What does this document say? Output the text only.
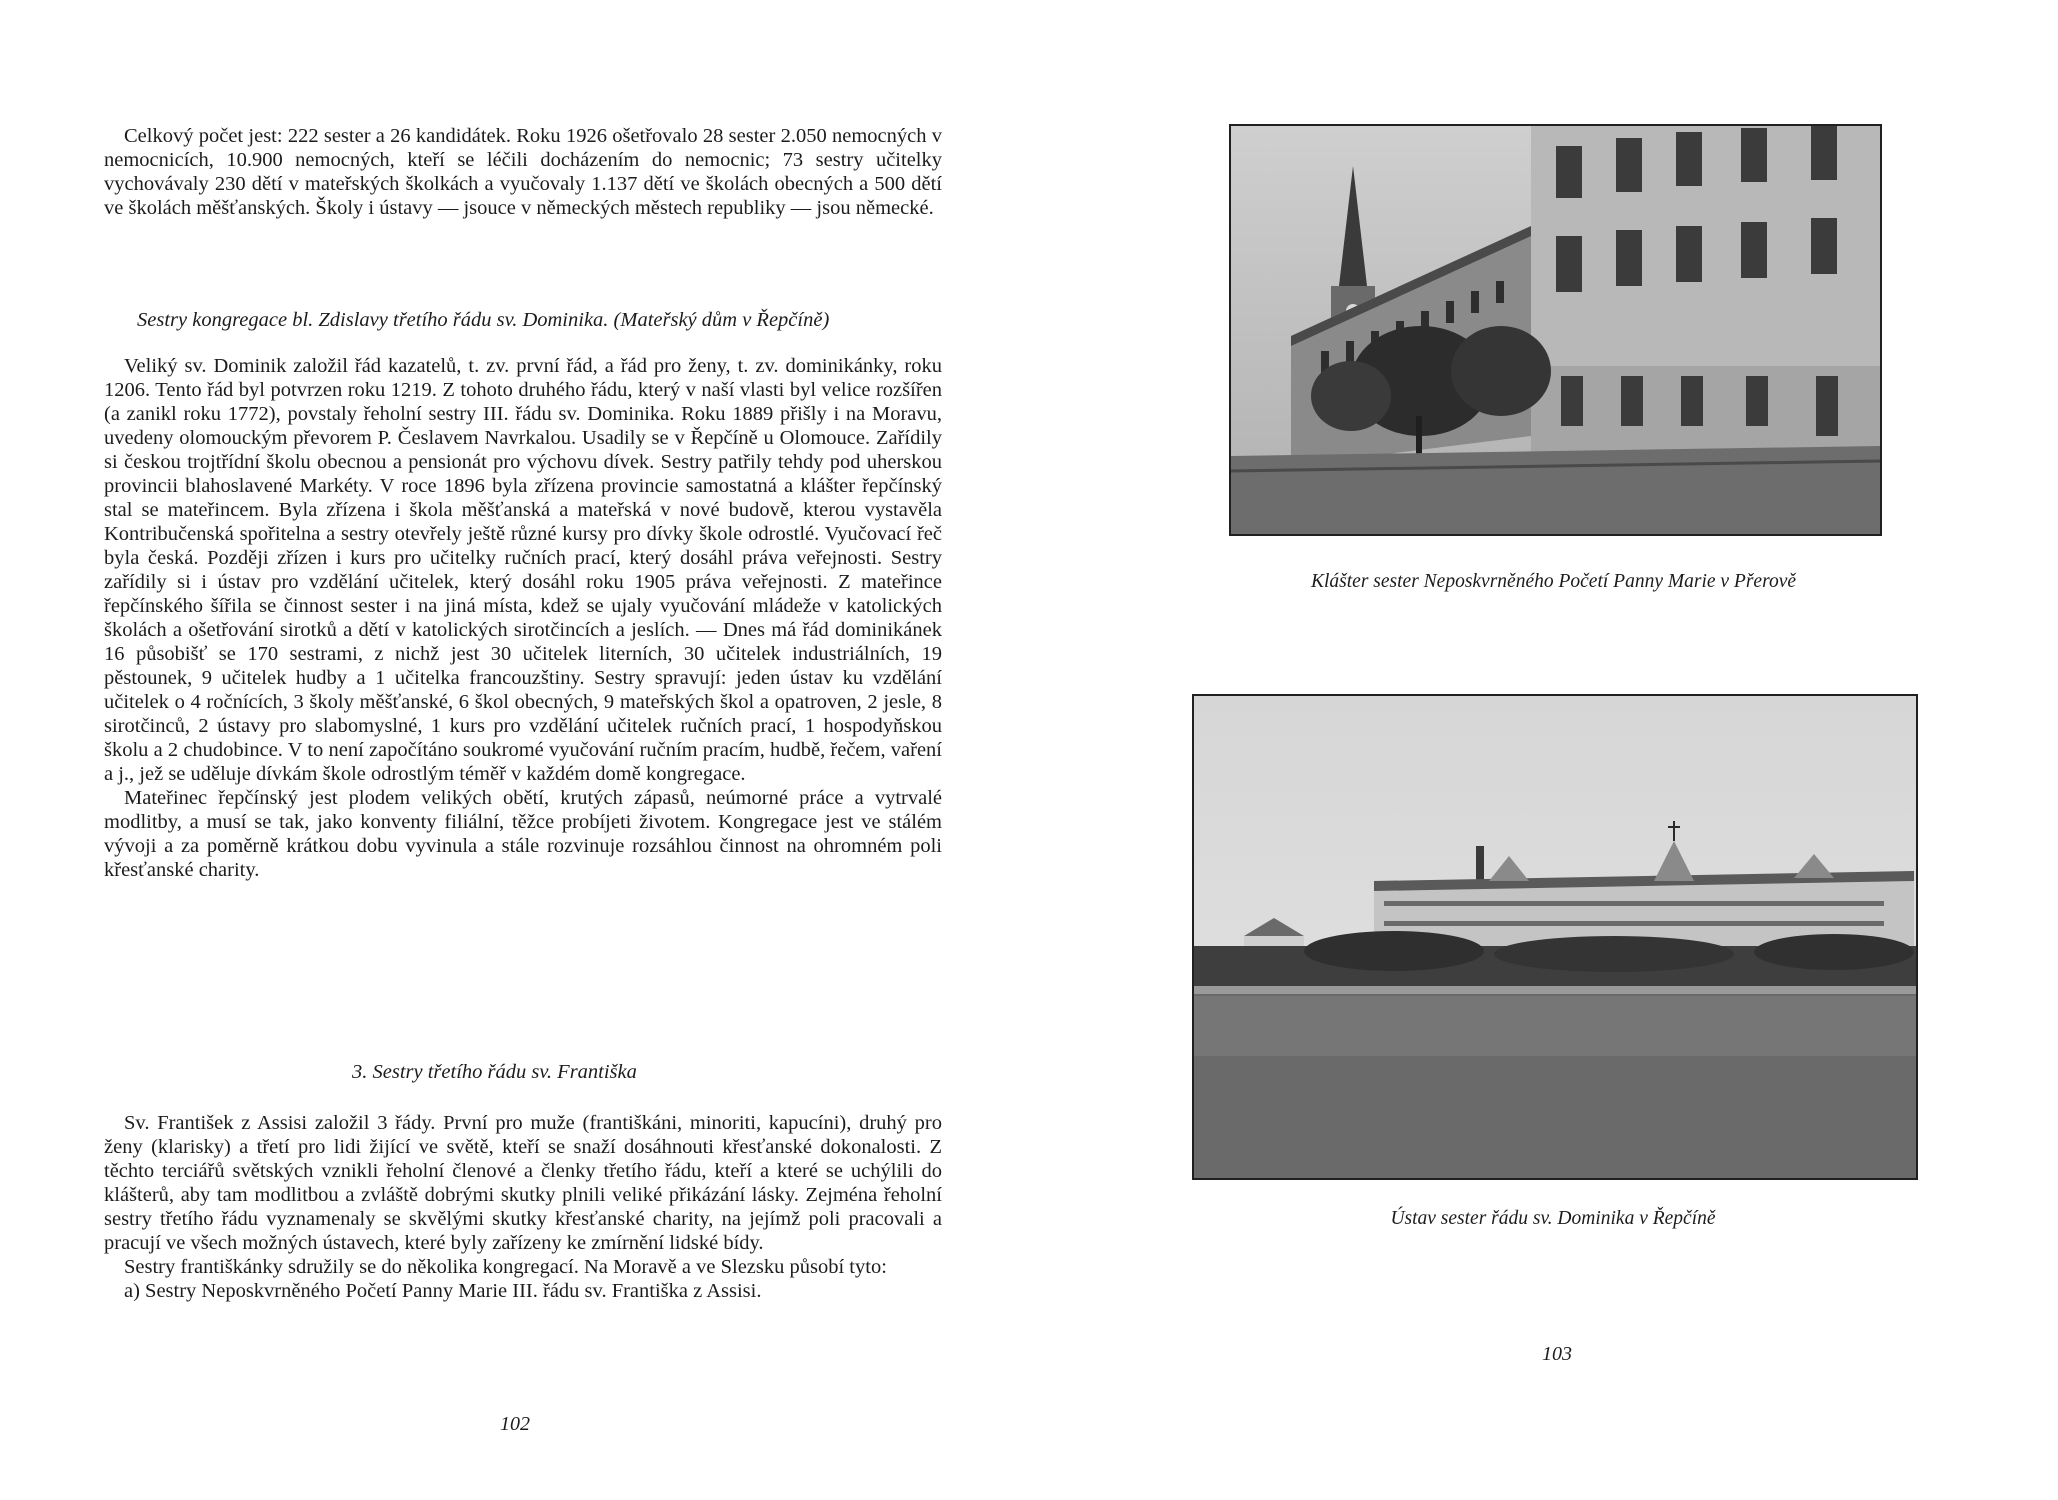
Celkový počet jest: 222 sester a 26 kandidátek. Roku 1926 ošetřovalo 28 sester 2.050 nemocných v nemocnicích, 10.900 nemocných, kteří se léčili docházením do nemocnic; 73 sestry učitelky vychovávaly 230 dětí v mateřských školkách a vyučovaly 1.137 dětí ve školách obecných a 500 dětí ve školách měšťanských. Školy i ústavy — jsouce v německých městech republiky — jsou německé.

Sestry kongregace bl. Zdislavy třetího řádu sv. Dominika. (Mateřský dům v Řepčíně)

Veliký sv. Dominik založil řád kazatelů, t. zv. první řád, a řád pro ženy, t. zv. dominikánky, roku 1206. Tento řád byl potvrzen roku 1219. Z tohoto druhého řádu, který v naší vlasti byl velice rozšířen (a zanikl roku 1772), povstaly řeholní sestry III. řádu sv. Dominika. Roku 1889 přišly i na Moravu, uvedeny olomouckým převorem P. Česlavem Navrkalou. Usadily se v Řepčíně u Olomouce. Zařídily si českou trojtřídní školu obecnou a pensionát pro výchovu dívek. Sestry patřily tehdy pod uherskou provincii blahoslavené Markéty. V roce 1896 byla zřízena provincie samostatná a klášter řepčínský stal se mateřincem. Byla zřízena i škola měšťanská a mateřská v nové budově, kterou vystavěla Kontribučenská spořitelna a sestry otevřely ještě různé kursy pro dívky škole odrostlé. Vyučovací řeč byla česká. Později zřízen i kurs pro učitelky ručních prací, který dosáhl práva veřejnosti. Sestry zařídily si i ústav pro vzdělání učitelek, který dosáhl roku 1905 práva veřejnosti. Z mateřince řepčínského šířila se činnost sester i na jiná místa, kdež se ujaly vyučování mládeže v katolických školách a ošetřování sirotků a dětí v katolických sirotčincích a jeslích. — Dnes má řád dominikánek 16 působišť se 170 sestrami, z nichž jest 30 učitelek literních, 30 učitelek industriálních, 19 pěstounek, 9 učitelek hudby a 1 učitelka francouzštiny. Sestry spravují: jeden ústav ku vzdělání učitelek o 4 ročnících, 3 školy měšťanské, 6 škol obecných, 9 mateřských škol a opatroven, 2 jesle, 8 sirotčinců, 2 ústavy pro slabomyslné, 1 kurs pro vzdělání učitelek ručních prací, 1 hospodyňskou školu a 2 chudobince. V to není započítáno soukromé vyučování ručním pracím, hudbě, řečem, vaření a j., jež se uděluje dívkám škole odrostlým téměř v každém domě kongregace.

Mateřinec řepčínský jest plodem velikých obětí, krutých zápasů, neúmorné práce a vytrvalé modlitby, a musí se tak, jako konventy filiální, těžce probíjeti životem. Kongregace jest ve stálém vývoji a za poměrně krátkou dobu vyvinula a stále rozvinuje rozsáhlou činnost na ohromném poli křesťanské charity.

3. Sestry třetího řádu sv. Františka

Sv. František z Assisi založil 3 řády. První pro muže (františkáni, minoriti, kapucíni), druhý pro ženy (klarisky) a třetí pro lidi žijící ve světě, kteří se snaží dosáhnouti křesťanské dokonalosti. Z těchto terciářů světských vznikli řeholní členové a členky třetího řádu, kteří a které se uchýlili do klášterů, aby tam modlitbou a zvláště dobrými skutky plnili veliké přikázání lásky. Zejména řeholní sestry třetího řádu vyznamenaly se skvělými skutky křesťanské charity, na jejímž poli pracovali a pracují ve všech možných ústavech, které byly zařízeny ke zmírnění lidské bídy.

Sestry františkánky sdružily se do několika kongregací. Na Moravě a ve Slezsku působí tyto:

a) Sestry Neposkvrněného Početí Panny Marie III. řádu sv. Františka z Assisi.

102
Klášter sester Neposkvrněného Početí Panny Marie v Přerově
Ústav sester řádu sv. Dominika v Řepčíně
103
